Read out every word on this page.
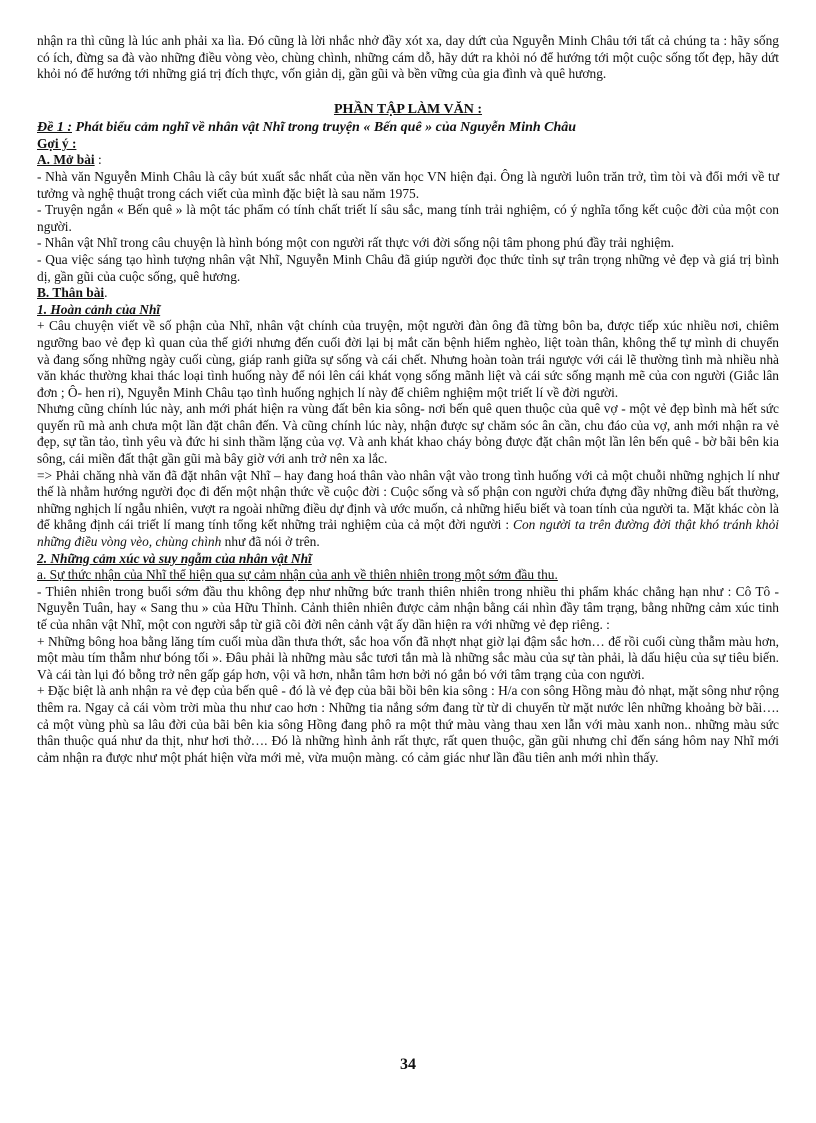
nhận ra thì cũng là lúc anh phải xa lìa. Đó cũng là lời nhắc nhở đầy xót xa, day dứt của Nguyễn Minh Châu tới tất cả chúng ta : hãy sống có ích, đừng sa đà vào những điều vòng vèo, chùng chình, những cám dỗ, hãy dứt ra khỏi nó để hướng tới một cuộc sống tốt đẹp, hãy dứt khỏi nó để hướng tới những giá trị đích thực, vốn giản dị, gần gũi và bền vững của gia đình và quê hương.

PHẦN TẬP LÀM VĂN :

Đề 1 : Phát biểu cảm nghĩ về nhân vật Nhĩ trong truyện « Bến quê » của Nguyễn Minh Châu

Gợi ý :

A. Mở bài :

- Nhà văn Nguyễn Minh Châu là cây bút xuất sắc nhất của nền văn học VN hiện đại. Ông là người luôn trăn trở, tìm tòi và đổi mới về tư tưởng và nghệ thuật trong cách viết của mình đặc biệt là sau năm 1975.

- Truyện ngắn « Bến quê » là một tác phẩm có tính chất triết lí sâu sắc, mang tính trải nghiệm, có ý nghĩa tổng kết cuộc đời của một con người.

- Nhân vật Nhĩ trong câu chuyện là hình bóng một con người rất thực với đời sống nội tâm phong phú đầy trải nghiệm.

- Qua việc sáng tạo hình tượng nhân vật Nhĩ, Nguyễn Minh Châu đã giúp người đọc thức tỉnh sự trân trọng những vẻ đẹp và giá trị bình dị, gần gũi của cuộc sống, quê hương.

B. Thân bài.

1. Hoàn cảnh của Nhĩ

+ Câu chuyện viết về số phận của Nhĩ, nhân vật chính của truyện, một người đàn ông đã từng bôn ba, được tiếp xúc nhiều nơi, chiêm ngưỡng bao vẻ đẹp kì quan của thế giới nhưng đến cuối đời lại bị mắt căn bệnh hiểm nghèo, liệt toàn thân, không thể tự mình di chuyển và đang sống những ngày cuối cùng, giáp ranh giữa sự sống và cái chết. Nhưng hoàn toàn trái ngược với cái lẽ thường tình mà nhiều nhà văn khác thường khai thác loại tình huống này để nói lên cái khát vọng sống mãnh liệt và cái sức sống mạnh mẽ của con người (Giắc lân đơn ; Ô- hen ri), Nguyễn Minh Châu tạo tình huống nghịch lí này để chiêm nghiệm một triết lí về đời người.

Nhưng cũng chính lúc này, anh mới phát hiện ra vùng đất bên kia sông- nơi bến quê quen thuộc của quê vợ - một vẻ đẹp bình mà hết sức quyến rũ mà anh chưa một lần đặt chân đến. Và cũng chính lúc này, nhận được sự chăm sóc ân cần, chu đáo của vợ, anh mới nhận ra vẻ đẹp, sự tần tảo, tình yêu và đức hi sinh thầm lặng của vợ. Và anh khát khao cháy bỏng được đặt chân một lần lên bến quê - bờ bãi bên kia sông, cái miền đất thật gần gũi mà bây giờ với anh trở nên xa lắc.

=> Phải chăng nhà văn đã đặt nhân vật Nhĩ – hay đang hoá thân vào nhân vật vào trong tình huống với cả một chuỗi những nghịch lí như thế là nhằm hướng người đọc đi đến một nhận thức về cuộc đời : Cuộc sống và số phận con người chứa đựng đầy những điều bất thường, những nghịch lí ngẫu nhiên, vượt ra ngoài những điều dự định và ước muốn, cả những hiểu biết và toan tính của người ta. Mặt khác còn là để khẳng định cái triết lí mang tính tổng kết những trải nghiệm của cả một đời người : Con người ta trên đường đời thật khó tránh khỏi những điều vòng vèo, chùng chình như đã nói ở trên.

2. Những cảm xúc và suy ngẫm của nhân vật Nhĩ

a. Sự thức nhận của Nhĩ thể hiện qua sự cảm nhận của anh về thiên nhiên trong một sớm đầu thu.

- Thiên nhiên trong buổi sớm đầu thu không đẹp như những bức tranh thiên nhiên trong nhiều thi phẩm khác chẳng hạn như : Cô Tô - Nguyễn Tuân, hay « Sang thu » của Hữu Thỉnh. Cảnh thiên nhiên được cảm nhận bằng cái nhìn đầy tâm trạng, bằng những cảm xúc tinh tế của nhân vật Nhĩ, một con người sắp từ giã cõi đời nên cảnh vật ấy dần hiện ra với những vẻ đẹp riêng. :

+ Những bông hoa bằng lăng tím cuối mùa dần thưa thớt, sắc hoa vốn đã nhợt nhạt giờ lại đậm sắc hơn… để rồi cuối cùng thẫm màu hơn, một màu tím thẫm như bóng tối ». Đâu phải là những màu sắc tươi tắn mà là những sắc màu của sự tàn phải, là dấu hiệu của sự tiêu biến. Và cái tàn lụi đó bỗng trở nên gấp gáp hơn, vội vã hơn, nhẫn tâm hơn bởi nó gắn bó với tâm trạng của con người.

+ Đặc biệt là anh nhận ra vẻ đẹp của bến quê - đó là vẻ đẹp của bãi bồi bên kia sông : H/a con sông Hồng màu đỏ nhạt, mặt sông như rộng thêm ra. Ngay cả cái vòm trời mùa thu như cao hơn : Những tia nắng sớm đang từ từ di chuyển từ mặt nước lên những khoảng bờ bãi…. cả một vùng phù sa lâu đời của bãi bên kia sông Hồng đang phô ra một thứ màu vàng thau xen lẫn với màu xanh non.. những màu sức thân thuộc quá như da thịt, như hơi thở…. Đó là những hình ảnh rất thực, rất quen thuộc, gần gũi nhưng chỉ đến sáng hôm nay Nhĩ mới cảm nhận ra được như một phát hiện vừa mới mẻ, vừa muộn màng. có cảm giác như lần đầu tiên anh mới nhìn thấy.

34
